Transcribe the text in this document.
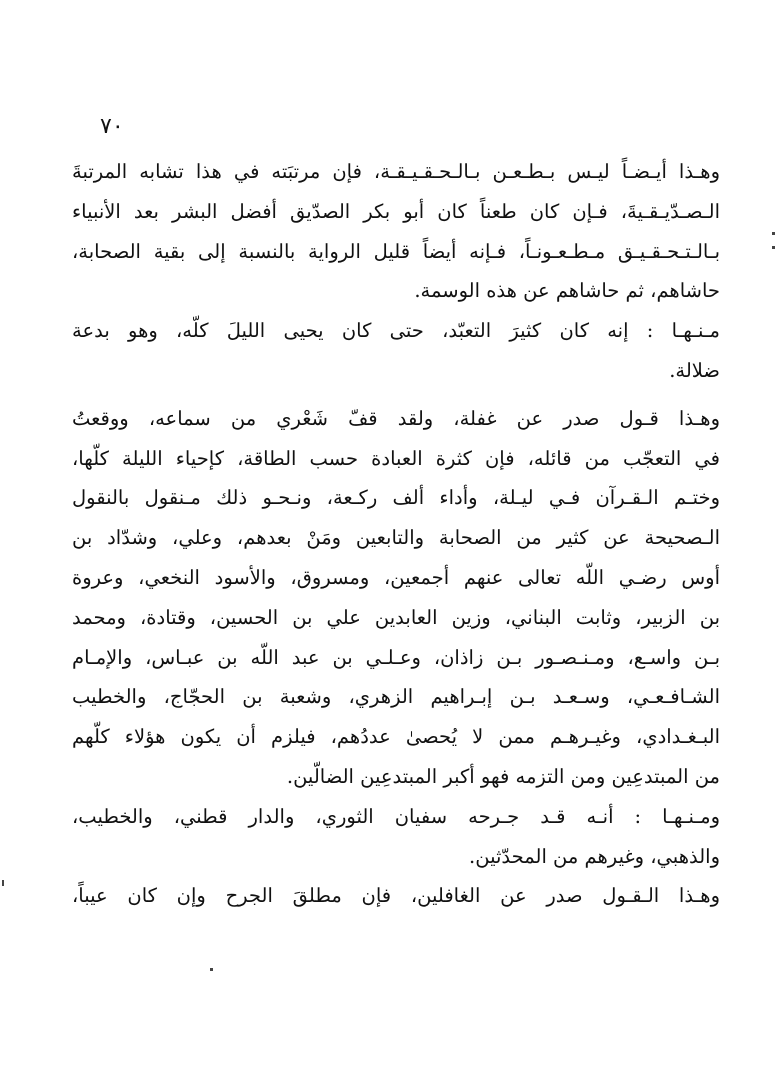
٧٠
وهـذا أيـضـاً ليـس بـطـعـن بـالـحـقـيـقـة، فإن مرتبَته في هذا تشابه المرتبةَ
الـصـدّيـقـيةَ، فـإن كان طعناً كان أبو بكر الصدّيق أفضل البشر بعد الأنبياء
بـالـتـحـقـيـق مـطـعـونـاً، فـإنه أيضاً قليل الرواية بالنسبة إلى بقية الصحابة،
حاشاهم، ثم حاشاهم عن هذه الوسمة.
مـنـهـا : إنه كان كثيرَ التعبّد، حتى كان يحيى الليلَ كلّه، وهو بدعة
ضلالة.
وهـذا قـول صدر عن غفلة، ولقد قفّ شَعْري من سماعه، ووقعتُ
في التعجّب من قائله، فإن كثرة العبادة حسب الطاقة، كإحياء الليلة كلّها،
وختـم الـقـرآن فـي ليـلة، وأداء ألف ركـعة، ونـحـو ذلك مـنقول بالنقول
الـصحيحة عن كثير من الصحابة والتابعين ومَنْ بعدهم، وعلي، وشدّاد بن
أوس رضـي اللّه تعالى عنهم أجمعين، ومسروق، والأسود النخعي، وعروة
بن الزبير، وثابت البناني، وزين العابدين علي بن الحسين، وقتادة، ومحمد
بـن واسـع، ومـنـصـور بـن زاذان، وعـلـي بن عبد اللّه بن عبـاس، والإمـام
الشـافـعـي، وسـعـد بـن إبـراهيم الزهري، وشعبة بن الحجّاج، والخطيب
البـغـدادي، وغيـرهـم ممن لا يُحصىٰ عددُهم، فيلزم أن يكون هؤلاء كلّهم
من المبتدعِين ومن التزمه فهو أكبر المبتدعِين الضالّين.
ومـنـهـا : أنـه قـد جـرحه سفيان الثوري، والدار قطني، والخطيب،
والذهبي، وغيرهم من المحدّثين.
وهـذا الـقـول صدر عن الغافلين، فإن مطلقَ الجرح وإن كان عيباً،
